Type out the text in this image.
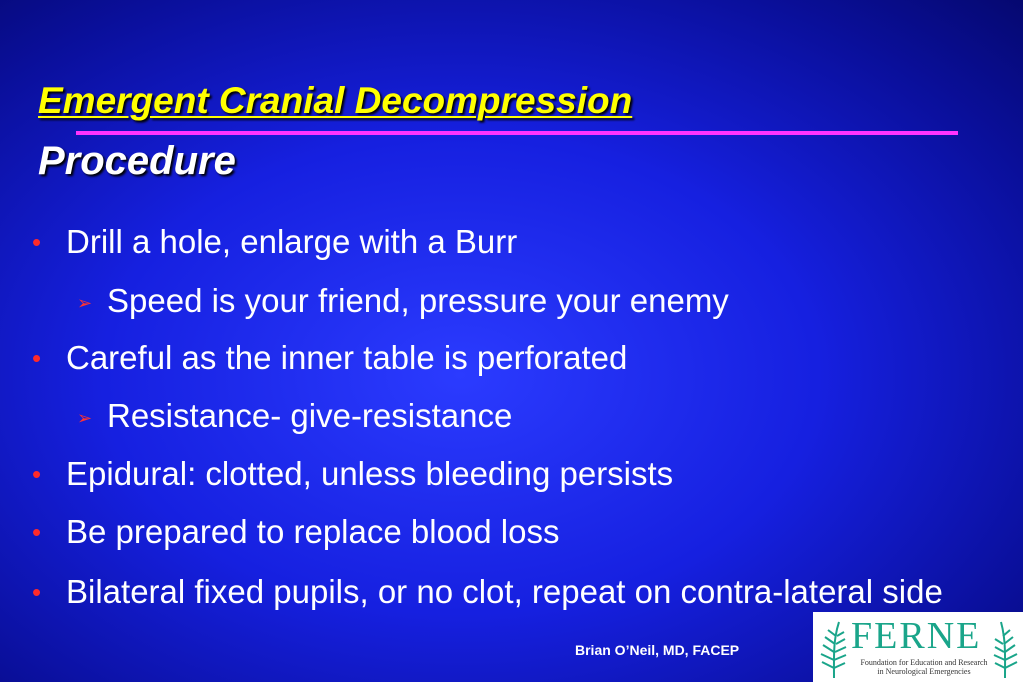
Emergent Cranial Decompression
Procedure
• Drill a hole, enlarge with a Burr
➢ Speed is your friend, pressure your enemy
• Careful as the inner table is perforated
➢ Resistance- give-resistance
• Epidural: clotted, unless bleeding persists
• Be prepared to replace blood loss
• Bilateral fixed pupils, or no clot, repeat on contra-lateral side
Brian O’Neil, MD, FACEP	FERNE
Foundation for Education and Research
in Neurological Emergencies
